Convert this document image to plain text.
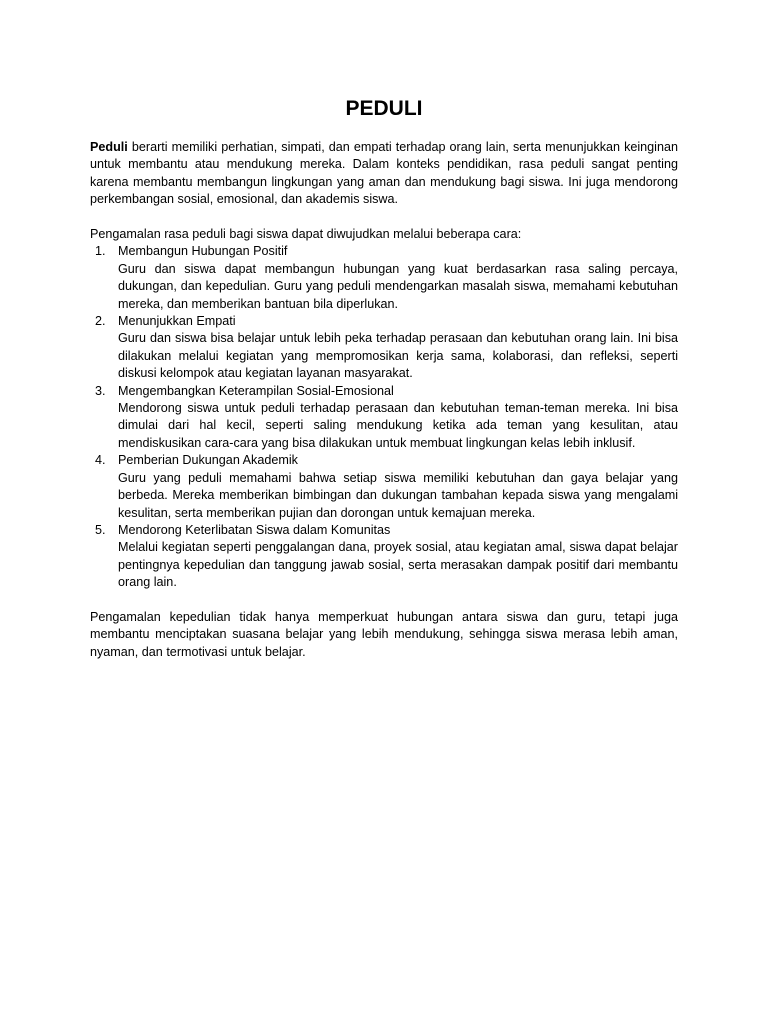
PEDULI

Peduli berarti memiliki perhatian, simpati, dan empati terhadap orang lain, serta menunjukkan keinginan untuk membantu atau mendukung mereka. Dalam konteks pendidikan, rasa peduli sangat penting karena membantu membangun lingkungan yang aman dan mendukung bagi siswa. Ini juga mendorong perkembangan sosial, emosional, dan akademis siswa.

Pengamalan rasa peduli bagi siswa dapat diwujudkan melalui beberapa cara:

1. Membangun Hubungan Positif
Guru dan siswa dapat membangun hubungan yang kuat berdasarkan rasa saling percaya, dukungan, dan kepedulian. Guru yang peduli mendengarkan masalah siswa, memahami kebutuhan mereka, dan memberikan bantuan bila diperlukan.
2. Menunjukkan Empati
Guru dan siswa bisa belajar untuk lebih peka terhadap perasaan dan kebutuhan orang lain. Ini bisa dilakukan melalui kegiatan yang mempromosikan kerja sama, kolaborasi, dan refleksi, seperti diskusi kelompok atau kegiatan layanan masyarakat.
3. Mengembangkan Keterampilan Sosial-Emosional
Mendorong siswa untuk peduli terhadap perasaan dan kebutuhan teman-teman mereka. Ini bisa dimulai dari hal kecil, seperti saling mendukung ketika ada teman yang kesulitan, atau mendiskusikan cara-cara yang bisa dilakukan untuk membuat lingkungan kelas lebih inklusif.
4. Pemberian Dukungan Akademik
Guru yang peduli memahami bahwa setiap siswa memiliki kebutuhan dan gaya belajar yang berbeda. Mereka memberikan bimbingan dan dukungan tambahan kepada siswa yang mengalami kesulitan, serta memberikan pujian dan dorongan untuk kemajuan mereka.
5. Mendorong Keterlibatan Siswa dalam Komunitas
Melalui kegiatan seperti penggalangan dana, proyek sosial, atau kegiatan amal, siswa dapat belajar pentingnya kepedulian dan tanggung jawab sosial, serta merasakan dampak positif dari membantu orang lain.

Pengamalan kepedulian tidak hanya memperkuat hubungan antara siswa dan guru, tetapi juga membantu menciptakan suasana belajar yang lebih mendukung, sehingga siswa merasa lebih aman, nyaman, dan termotivasi untuk belajar.
